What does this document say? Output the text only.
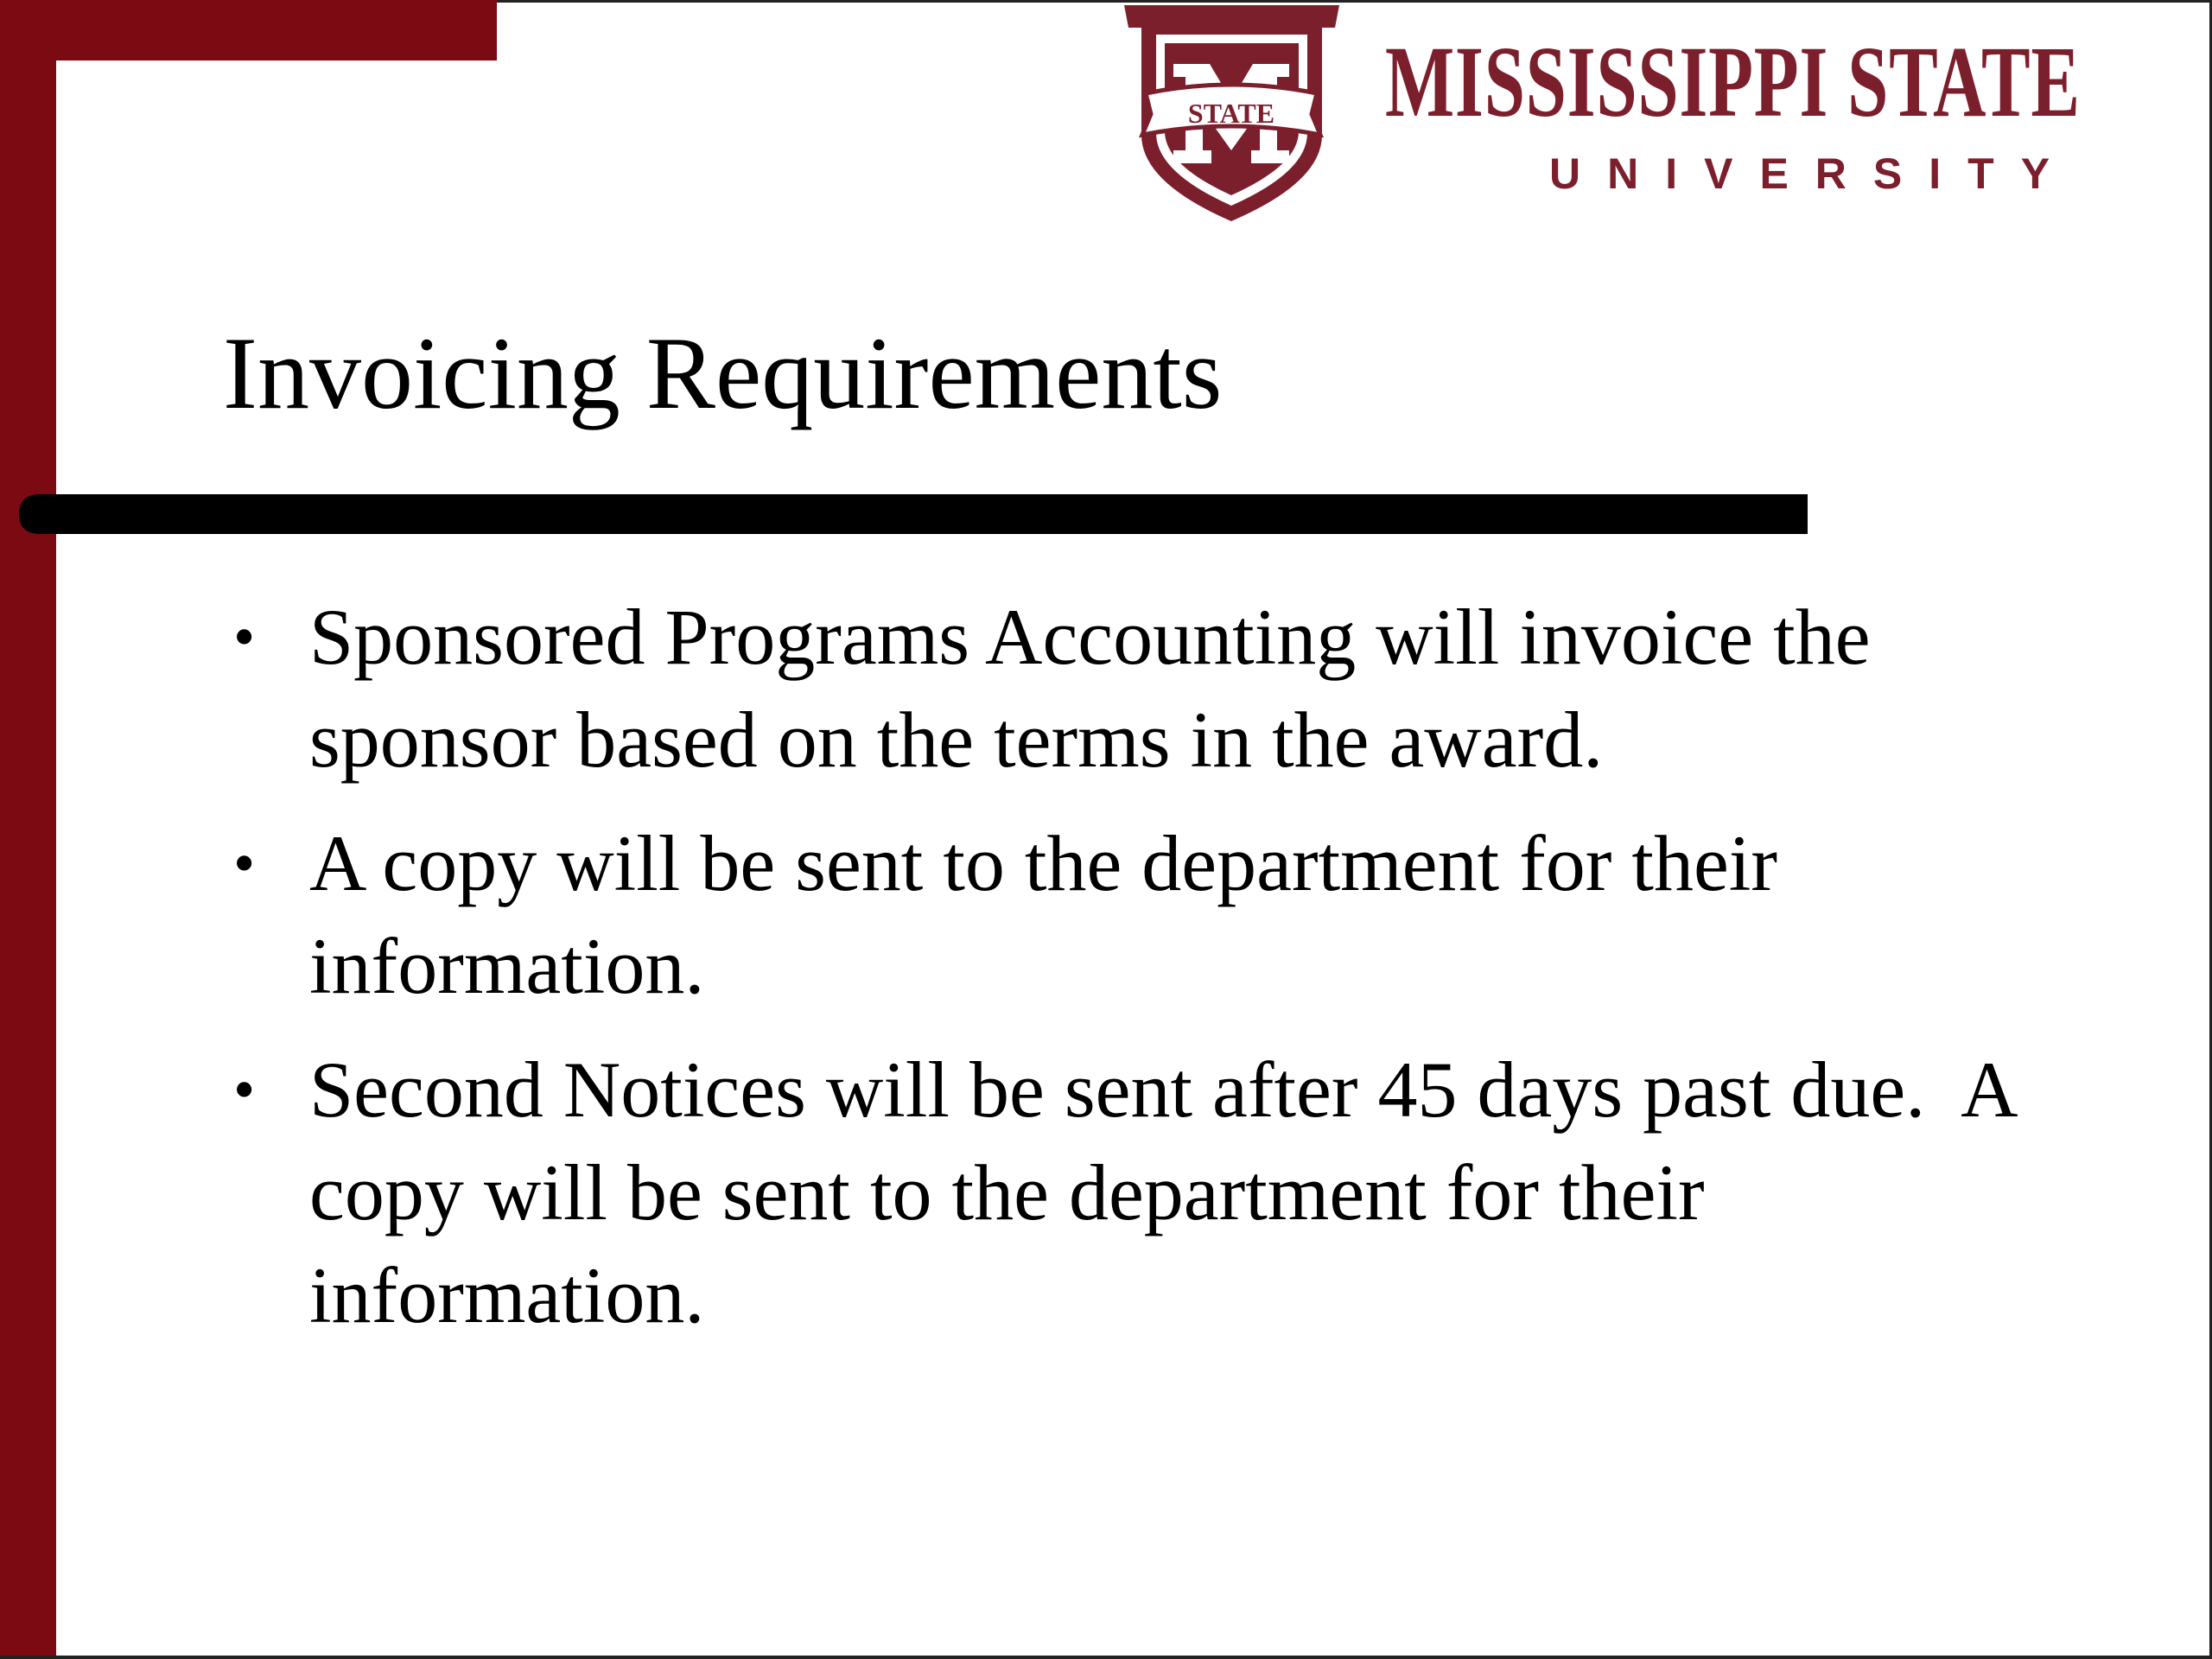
STATE MISSISSIPPI STATE
UNIVERSITY
Invoicing Requirements
• Sponsored Programs Accounting will invoice the sponsor based on the terms in the award.
• A copy will be sent to the department for their information.
• Second Notices will be sent after 45 days past due.  A copy will be sent to the department for their information.
